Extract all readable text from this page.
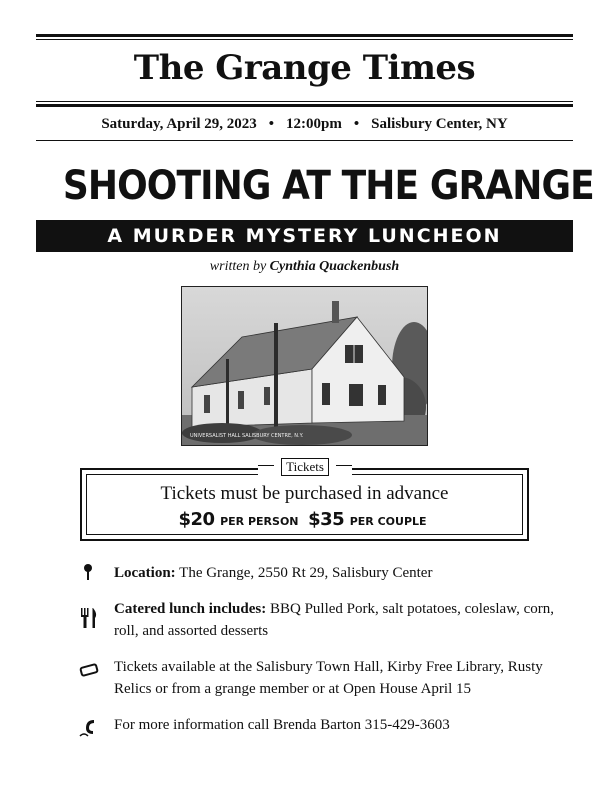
The Grange Times
Saturday, April 29, 2023 • 12:00pm • Salisbury Center, NY
SHOOTING AT THE GRANGE
A MURDER MYSTERY LUNCHEON
written by Cynthia Quackenbush
UNIVERSALIST HALL SALISBURY CENTRE, N.Y.
Tickets
Tickets must be purchased in advance
$20 PER PERSON $35 PER COUPLE
Location: The Grange, 2550 Rt 29, Salisbury Center
Catered lunch includes: BBQ Pulled Pork, salt potatoes, coleslaw, corn, roll, and assorted desserts
Tickets available at the Salisbury Town Hall, Kirby Free Library, Rusty Relics or from a grange member or at Open House April 15
For more information call Brenda Barton 315-429-3603
